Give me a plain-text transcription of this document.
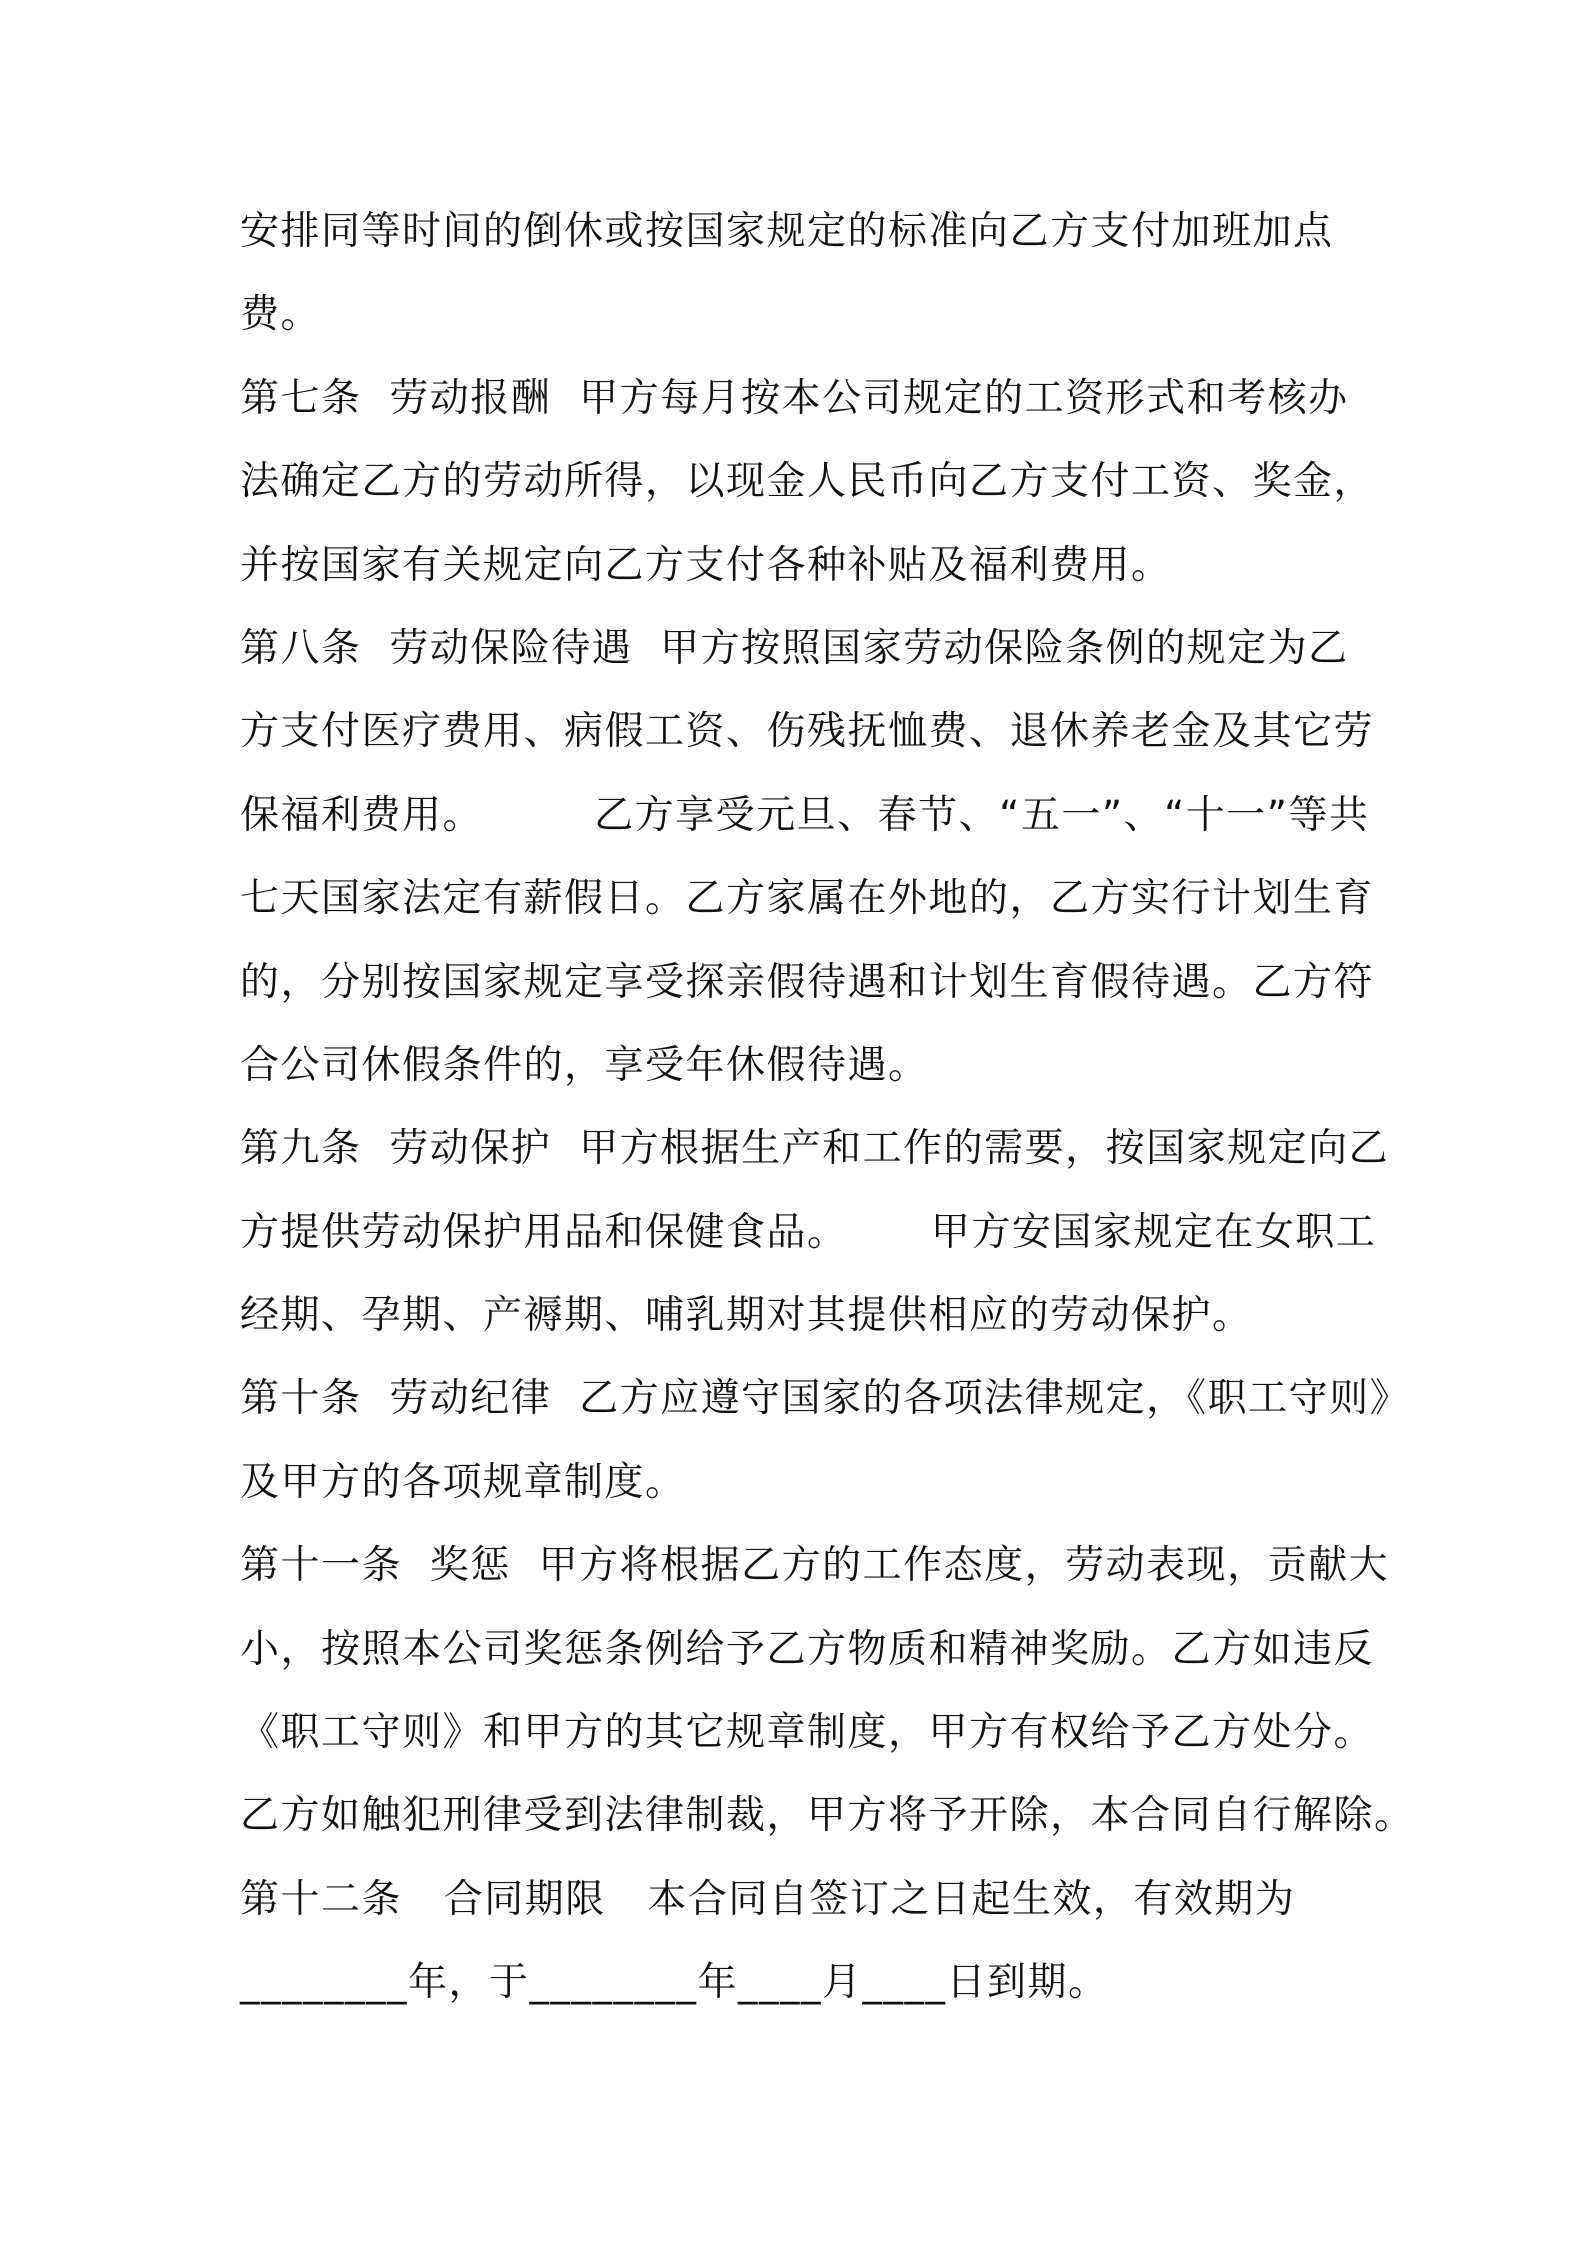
安排同等时间的倒休或按国家规定的标准向乙方支付加班加点
费。
第七条  劳动报酬  甲方每月按本公司规定的工资形式和考核办
法确定乙方的劳动所得，以现金人民币向乙方支付工资、奖金，
并按国家有关规定向乙方支付各种补贴及福利费用。
第八条  劳动保险待遇  甲方按照国家劳动保险条例的规定为乙
方支付医疗费用、病假工资、伤残抚恤费、退休养老金及其它劳
保福利费用。        乙方享受元旦、春节、“五一”、“十一”等共
七天国家法定有薪假日。乙方家属在外地的，乙方实行计划生育
的，分别按国家规定享受探亲假待遇和计划生育假待遇。乙方符
合公司休假条件的，享受年休假待遇。
第九条  劳动保护  甲方根据生产和工作的需要，按国家规定向乙
方提供劳动保护用品和保健食品。      甲方安国家规定在女职工
经期、孕期、产褥期、哺乳期对其提供相应的劳动保护。
第十条  劳动纪律  乙方应遵守国家的各项法律规定，《职工守则》
及甲方的各项规章制度。
第十一条  奖惩  甲方将根据乙方的工作态度，劳动表现，贡献大
小，按照本公司奖惩条例给予乙方物质和精神奖励。乙方如违反
《职工守则》和甲方的其它规章制度，甲方有权给予乙方处分。
乙方如触犯刑律受到法律制裁，甲方将予开除，本合同自行解除。
第十二条   合同期限   本合同自签订之日起生效，有效期为
________年，于________年____月____日到期。
